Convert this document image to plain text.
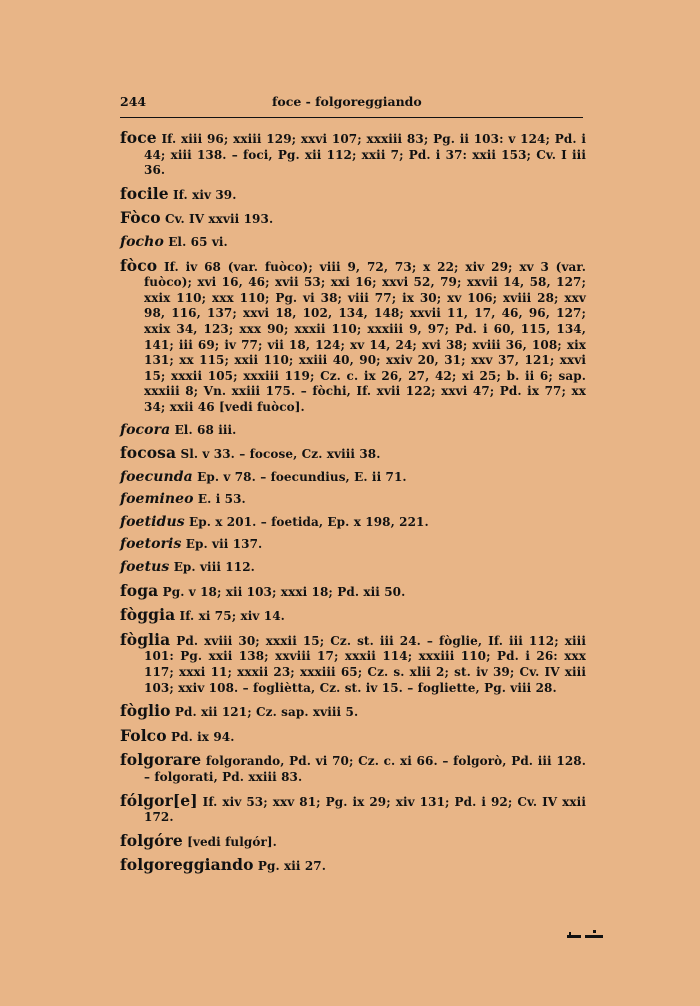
244	foce - folgoreggiando
foce If. xiii 96; xxiii 129; xxvi 107; xxxiii 83; Pg. ii 103: v 124; Pd. i 44; xiii 138. – foci, Pg. xii 112; xxii 7; Pd. i 37: xxii 153; Cv. I iii 36.
focile If. xiv 39.
Fòco Cv. IV xxvii 193.
focho El. 65 vi.
fòco If. iv 68 (var. fuòco); viii 9, 72, 73; x 22; xiv 29; xv 3 (var. fuòco); xvi 16, 46; xvii 53; xxi 16; xxvi 52, 79; xxvii 14, 58, 127; xxix 110; xxx 110; Pg. vi 38; viii 77; ix 30; xv 106; xviii 28; xxv 98, 116, 137; xxvi 18, 102, 134, 148; xxvii 11, 17, 46, 96, 127; xxix 34, 123; xxx 90; xxxii 110; xxxiii 9, 97; Pd. i 60, 115, 134, 141; iii 69; iv 77; vii 18, 124; xv 14, 24; xvi 38; xviii 36, 108; xix 131; xx 115; xxii 110; xxiii 40, 90; xxiv 20, 31; xxv 37, 121; xxvi 15; xxxii 105; xxxiii 119; Cz. c. ix 26, 27, 42; xi 25; b. ii 6; sap. xxxiii 8; Vn. xxiii 175. – fòchi, If. xvii 122; xxvi 47; Pd. ix 77; xx 34; xxii 46 [vedi fuòco].
focora El. 68 iii.
focosa Sl. v 33. – focose, Cz. xviii 38.
foecunda Ep. v 78. – foecundius, E. ii 71.
foemineo E. i 53.
foetidus Ep. x 201. – foetida, Ep. x 198, 221.
foetoris Ep. vii 137.
foetus Ep. viii 112.
foga Pg. v 18; xii 103; xxxi 18; Pd. xii 50.
fòggia If. xi 75; xiv 14.
fòglia Pd. xviii 30; xxxii 15; Cz. st. iii 24. – fòglie, If. iii 112; xiii 101: Pg. xxii 138; xxviii 17; xxxii 114; xxxiii 110; Pd. i 26: xxx 117; xxxi 11; xxxii 23; xxxiii 65; Cz. s. xlii 2; st. iv 39; Cv. IV xiii 103; xxiv 108. – fogliètta, Cz. st. iv 15. – fogliette, Pg. viii 28.
fòglio Pd. xii 121; Cz. sap. xviii 5.
Folco Pd. ix 94.
folgorare folgorando, Pd. vi 70; Cz. c. xi 66. – folgorò, Pd. iii 128. – folgorati, Pd. xxiii 83.
fólgor[e] If. xiv 53; xxv 81; Pg. ix 29; xiv 131; Pd. i 92; Cv. IV xxii 172.
folgóre [vedi fulgór].
folgoreggiando Pg. xii 27.
